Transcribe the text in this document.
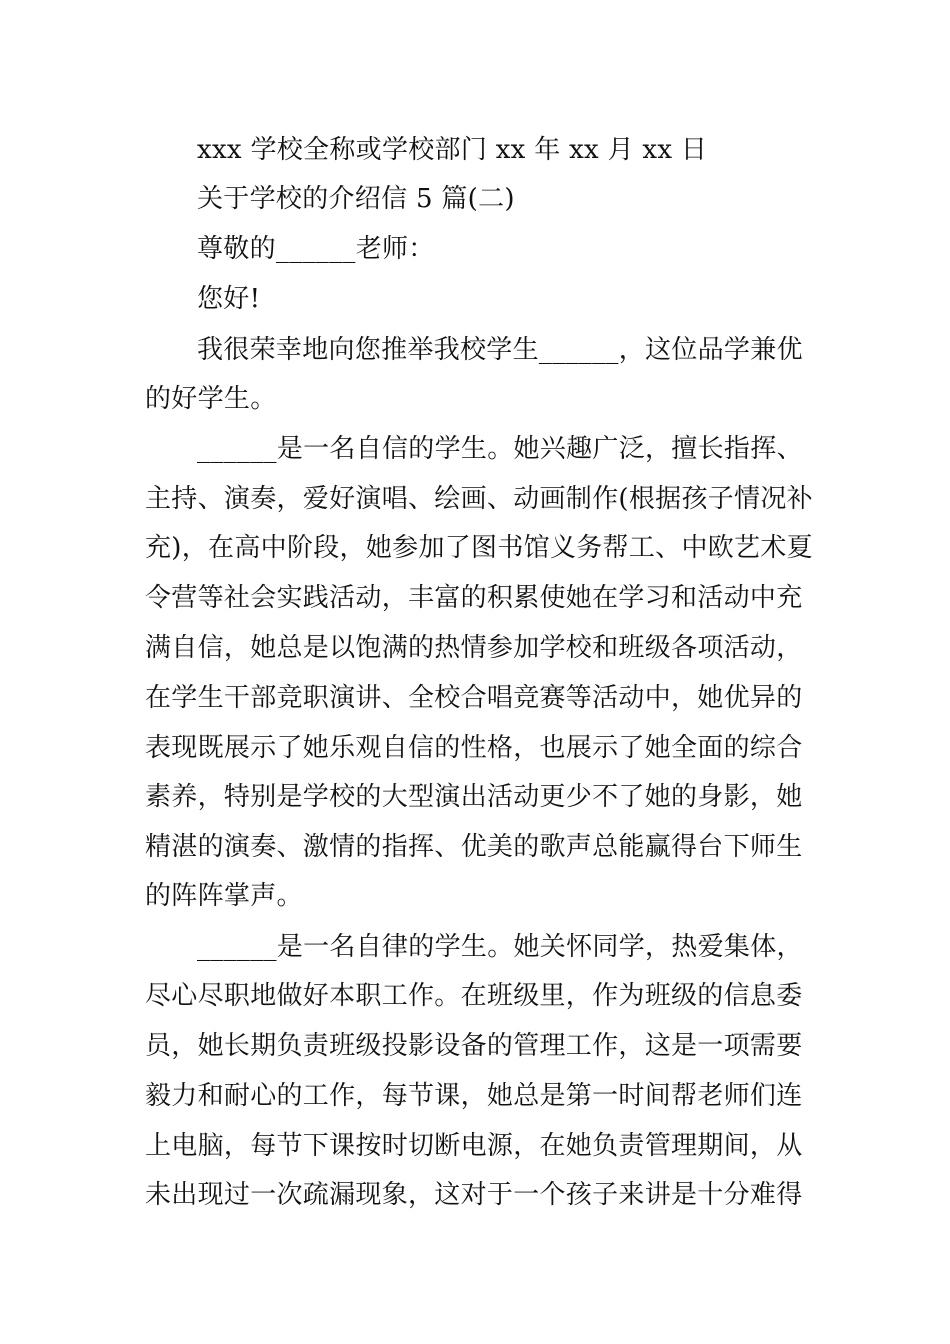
xxx 学校全称或学校部门 xx 年 xx 月 xx 日

关于学校的介绍信 5 篇(二)

尊敬的______老师：

您好!

我很荣幸地向您推举我校学生______，这位品学兼优

的好学生。

______是一名自信的学生。她兴趣广泛，擅长指挥、

主持、演奏，爱好演唱、绘画、动画制作(根据孩子情况补

充)，在高中阶段，她参加了图书馆义务帮工、中欧艺术夏

令营等社会实践活动，丰富的积累使她在学习和活动中充

满自信，她总是以饱满的热情参加学校和班级各项活动，

在学生干部竞职演讲、全校合唱竞赛等活动中，她优异的

表现既展示了她乐观自信的性格，也展示了她全面的综合

素养，特别是学校的大型演出活动更少不了她的身影，她

精湛的演奏、激情的指挥、优美的歌声总能赢得台下师生

的阵阵掌声。

______是一名自律的学生。她关怀同学，热爱集体，

尽心尽职地做好本职工作。在班级里，作为班级的信息委

员，她长期负责班级投影设备的管理工作，这是一项需要

毅力和耐心的工作，每节课，她总是第一时间帮老师们连

上电脑，每节下课按时切断电源，在她负责管理期间，从

未出现过一次疏漏现象，这对于一个孩子来讲是十分难得
